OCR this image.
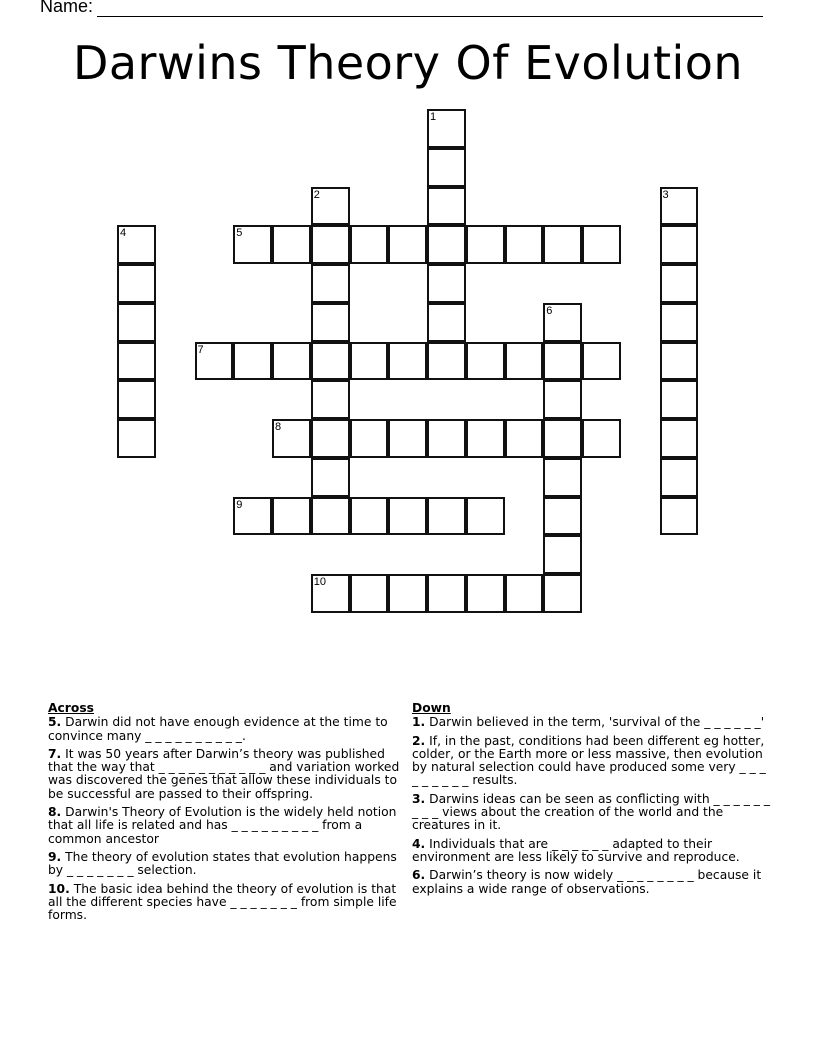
Name:
Darwins Theory Of Evolution
1
2	3
4	5
6
7
8
9
10
Across
5. Darwin did not have enough evidence at the time to convince many _ _ _ _ _ _ _ _ _ _.
7. It was 50 years after Darwin’s theory was published that the way that _ _ _ _ _ _ _ _ _ _ _ and variation worked was discovered the genes that allow these individuals to be successful are passed to their offspring.
8. Darwin's Theory of Evolution is the widely held notion that all life is related and has _ _ _ _ _ _ _ _ _ from a common ancestor
9. The theory of evolution states that evolution happens by _ _ _ _ _ _ _ selection.
10. The basic idea behind the theory of evolution is that all the different species have _ _ _ _ _ _ _ from simple life forms.
Down
1. Darwin believed in the term, 'survival of the _ _ _ _ _ _'
2. If, in the past, conditions had been different eg hotter, colder, or the Earth more or less massive, then evolution by natural selection could have produced some very _ _ _ _ _ _ _ _ _ results.
3. Darwins ideas can be seen as conflicting with _ _ _ _ _ _ _ _ _ views about the creation of the world and the creatures in it.
4. Individuals that are _ _ _ _ _ _ adapted to their environment are less likely to survive and reproduce.
6. Darwin’s theory is now widely _ _ _ _ _ _ _ _ because it explains a wide range of observations.
